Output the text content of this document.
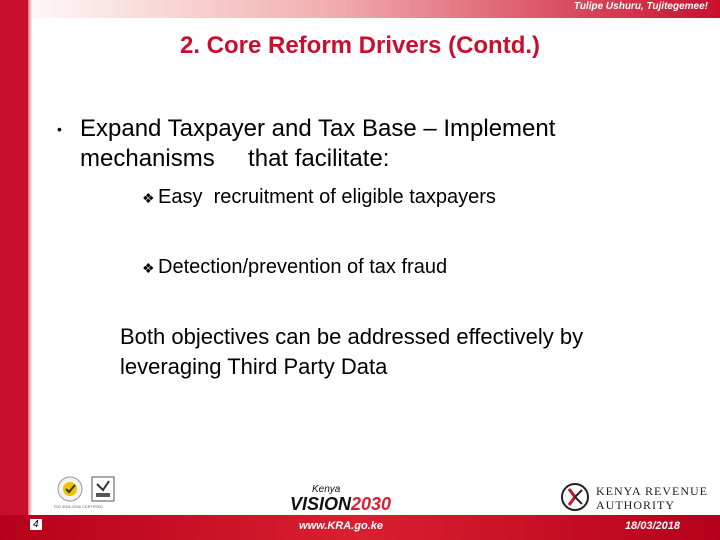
Tulipe Ushuru, Tujitegemee!
2. Core Reform Drivers (Contd.)
• Expand Taxpayer and Tax Base – Implement
mechanisms     that facilitate:
❖ Easy  recruitment of eligible taxpayers
❖ Detection/prevention of tax fraud
Both objectives can be addressed effectively by leveraging Third Party Data
ISO 9001:2008 CERTIFIED
Kenya
VISION2030
KENYA REVENUE
AUTHORITY
4	www.KRA.go.ke	18/03/2018
